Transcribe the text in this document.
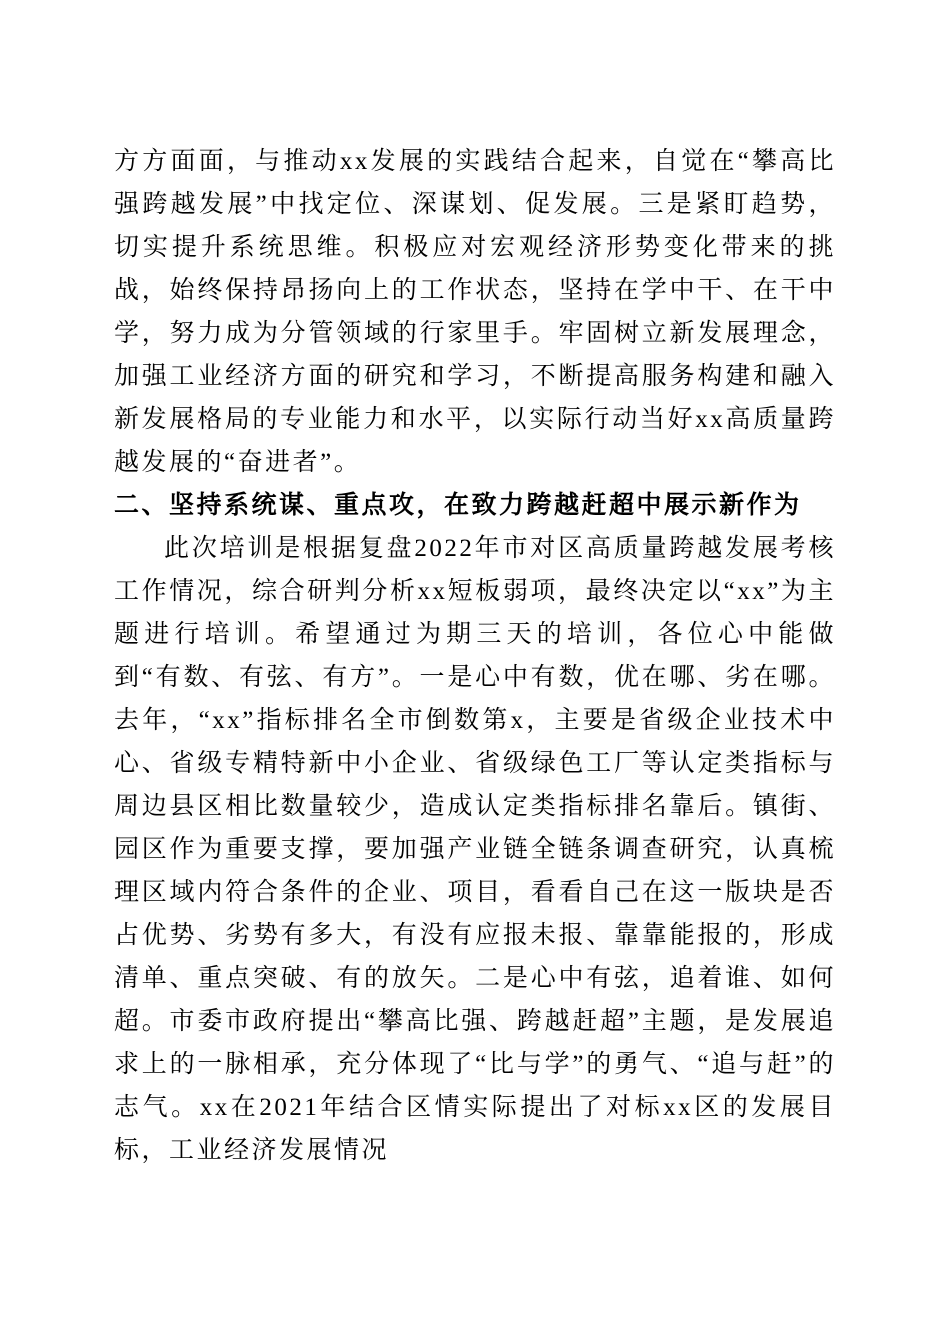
方方面面，与推动xx发展的实践结合起来，自觉在“攀高比强跨越发展”中找定位、深谋划、促发展。三是紧盯趋势，切实提升系统思维。积极应对宏观经济形势变化带来的挑战，始终保持昂扬向上的工作状态，坚持在学中干、在干中学，努力成为分管领域的行家里手。牢固树立新发展理念，加强工业经济方面的研究和学习，不断提高服务构建和融入新发展格局的专业能力和水平，以实际行动当好xx高质量跨越发展的“奋进者”。

二、坚持系统谋、重点攻，在致力跨越赶超中展示新作为

此次培训是根据复盘2022年市对区高质量跨越发展考核工作情况，综合研判分析xx短板弱项，最终决定以“xx”为主题进行培训。希望通过为期三天的培训，各位心中能做到“有数、有弦、有方”。一是心中有数，优在哪、劣在哪。去年，“xx”指标排名全市倒数第x，主要是省级企业技术中心、省级专精特新中小企业、省级绿色工厂等认定类指标与周边县区相比数量较少，造成认定类指标排名靠后。镇街、园区作为重要支撑，要加强产业链全链条调查研究，认真梳理区域内符合条件的企业、项目，看看自己在这一版块是否占优势、劣势有多大，有没有应报未报、靠靠能报的，形成清单、重点突破、有的放矢。二是心中有弦，追着谁、如何超。市委市政府提出“攀高比强、跨越赶超”主题，是发展追求上的一脉相承，充分体现了“比与学”的勇气、“追与赶”的志气。xx在2021年结合区情实际提出了对标xx区的发展目标，工业经济发展情况
